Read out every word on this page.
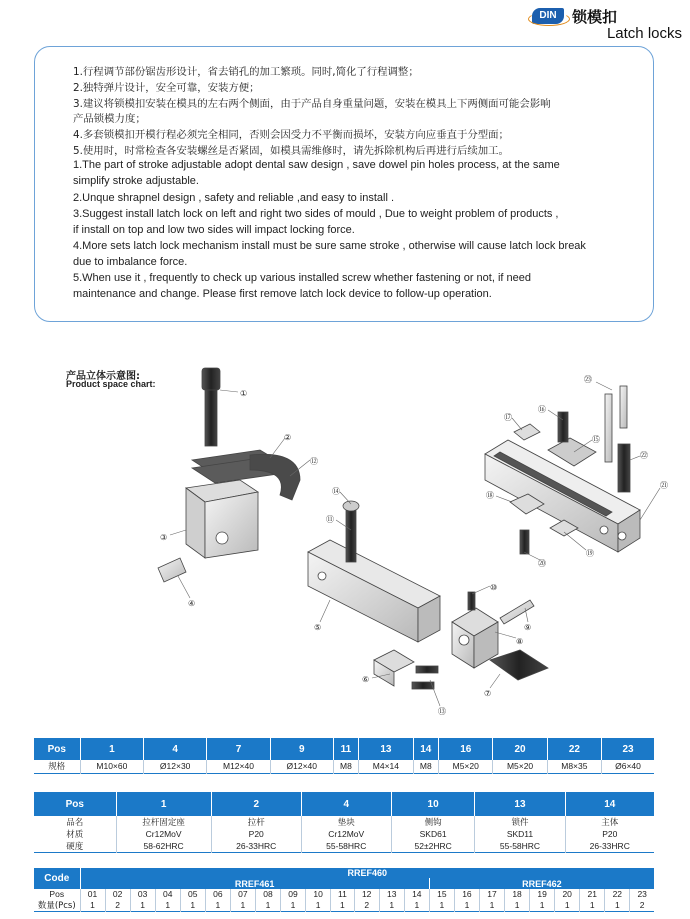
DIN	锁模扣
Latch locks
1.行程调节部份锯齿形设计，省去销孔的加工繁琐。同时,简化了行程调整；
2.独特弹片设计，安全可靠，安装方便；
3.建议将锁模扣安装在模具的左右两个侧面，由于产品自身重量问题，安装在模具上下两侧面可能会影响
产品锁模力度；
4.多套锁模扣开模行程必须完全相同，否则会因受力不平衡而损坏，安装方向应垂直于分型面；
5.使用时，时常检查各安装螺丝是否紧固，如模具需维修时，请先拆除机构后再进行后续加工。
1.The part of stroke adjustable adopt dental saw design , save dowel pin holes process, at the same
simplify stroke adjustable.
2.Unque shrapnel design , safety and reliable ,and easy to install .
3.Suggest install latch lock on left and right two sides of mould , Due to weight problem of products ,
if install on top and low two sides will impact locking force.
4.More sets latch lock mechanism install must be sure same stroke , otherwise will cause latch lock break
due to imbalance force.
5.When use it , frequently to check up various installed screw whether fastening or not, if need
maintenance and change. Please first remove latch lock device to follow-up operation.
产品立体示意图:
Product space chart:
①
②
③
④
⑤
⑥
⑦
⑧
⑨
⑩
⑪
⑫
⑬
⑭
⑮
⑯
⑰
⑱
⑲
⑳
㉑
㉒
㉓
Pos	1	4	7	9	11	13	14	16	20	22	23
规格	M10×60	Ø12×30	M12×40	Ø12×40	M8	M4×14	M8	M5×20	M5×20	M8×35	Ø6×40
Pos	1	2	4	10	13	14
品名	拉杆固定座	拉杆	垫块	侧钩	锁件	主体
材质	Cr12MoV	P20	Cr12MoV	SKD61	SKD11	P20
硬度	58-62HRC	26-33HRC	55-58HRC	52±2HRC	55-58HRC	26-33HRC
Code	RREF460																						
	RREF461														RREF462								
Pos	01	02	03	04	05	06	07	08	09	10	11	12	13	14	15	16	17	18	19	20	21	22	23
数量(Pcs)	1	2	1	1	1	1	1	1	1	1	1	2	1	1	1	1	1	1	1	1	1	1	2
